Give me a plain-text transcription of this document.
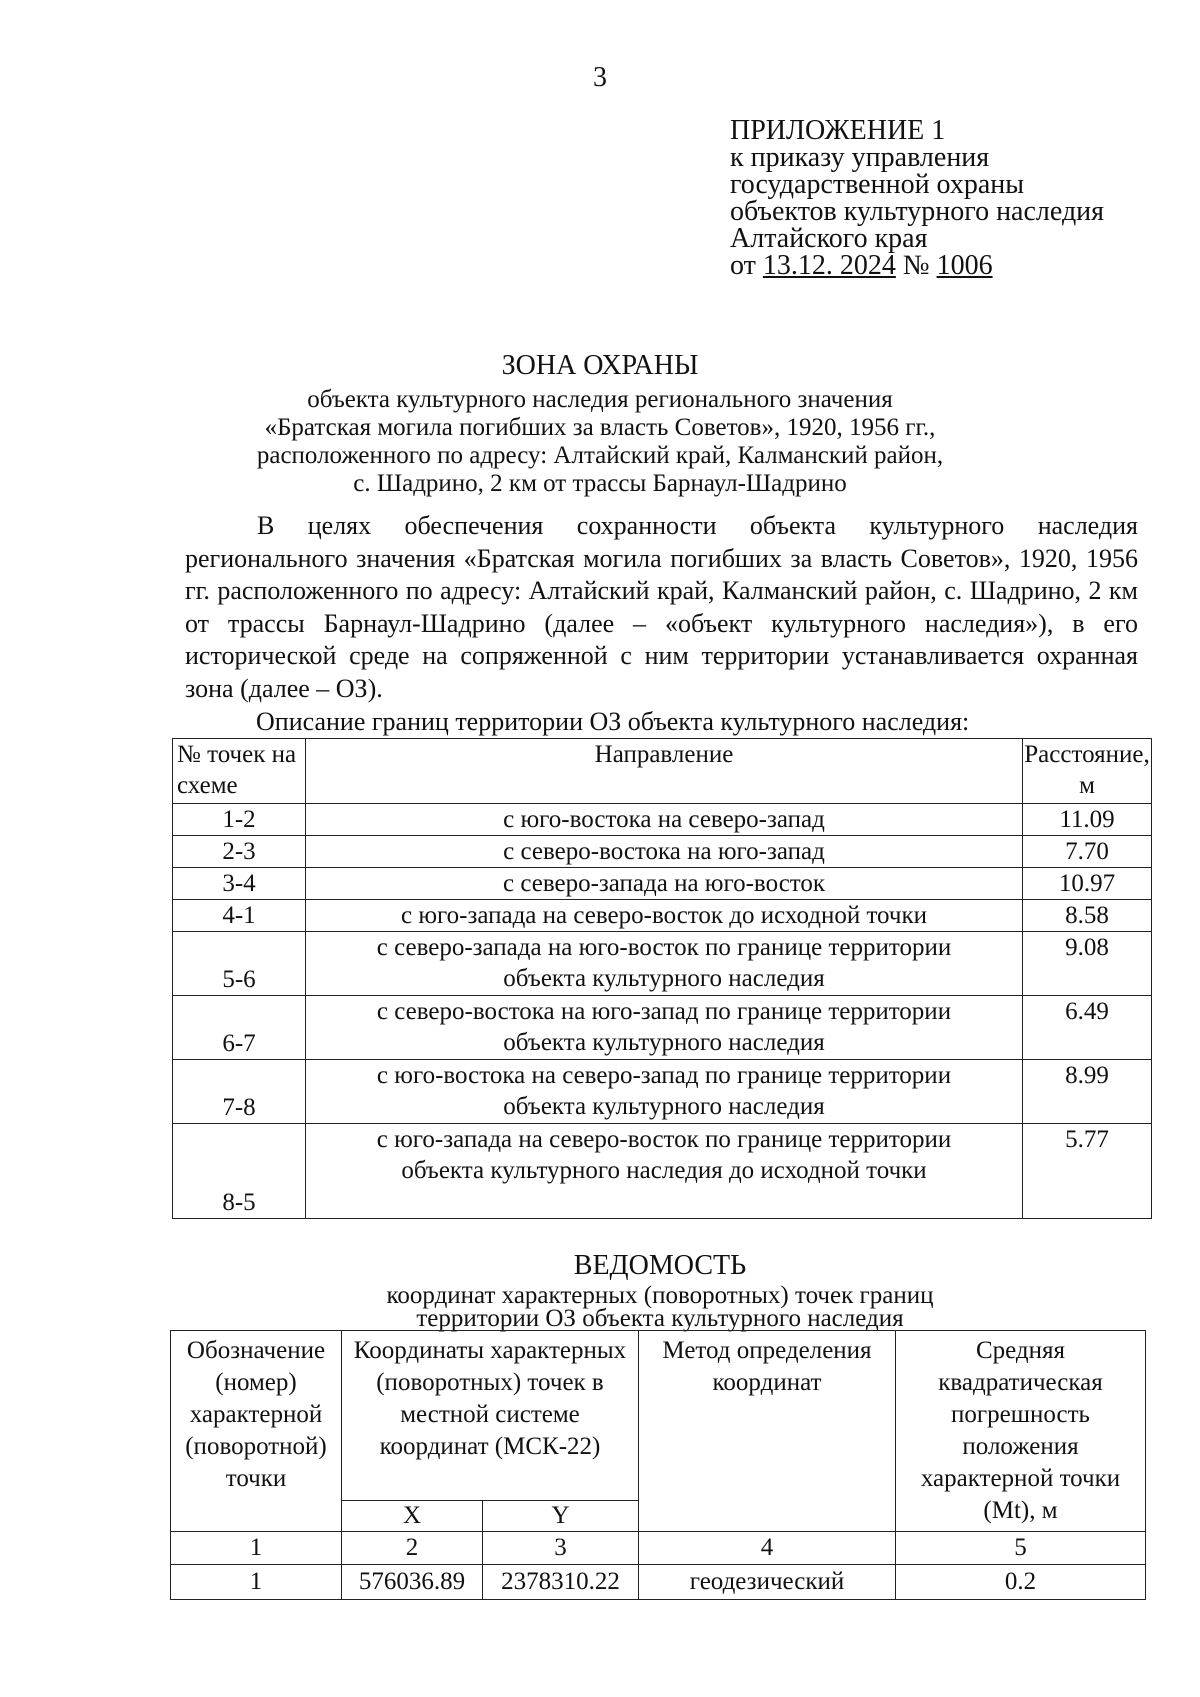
3
ПРИЛОЖЕНИЕ 1
к приказу управления
государственной охраны
объектов культурного наследия
Алтайского края
от 13.12. 2024 № 1006
ЗОНА ОХРАНЫ
объекта культурного наследия регионального значения
«Братская могила погибших за власть Советов», 1920, 1956 гг.,
расположенного по адресу: Алтайский край, Калманский район,
с. Шадрино, 2 км от трассы Барнаул-Шадрино
В целях обеспечения сохранности объекта культурного наследия регионального значения «Братская могила погибших за власть Советов», 1920, 1956 гг. расположенного по адресу: Алтайский край, Калманский район, с. Шадрино, 2 км от трассы Барнаул-Шадрино (далее – «объект культурного наследия»), в его исторической среде на сопряженной с ним территории устанавливается охранная зона (далее – ОЗ).
Описание границ территории ОЗ объекта культурного наследия:
№ точек на схеме	Направление	Расстояние, м
1-2	с юго-востока на северо-запад	11.09
2-3	с северо-востока на юго-запад	7.70
3-4	с северо-запада на юго-восток	10.97
4-1	с юго-запада на северо-восток до исходной точки	8.58
5-6	с северо-запада на юго-восток по границе территории объекта культурного наследия	9.08
6-7	с северо-востока на юго-запад по границе территории объекта культурного наследия	6.49
7-8	с юго-востока на северо-запад по границе территории объекта культурного наследия	8.99
8-5	с юго-запада на северо-восток по границе территории объекта культурного наследия до исходной точки	5.77
ВЕДОМОСТЬ
координат характерных (поворотных) точек границ
территории ОЗ объекта культурного наследия
Обозначение (номер) характерной (поворотной) точки	Координаты характерных (поворотных) точек в местной системе координат (МСК-22)		Метод определения координат	Средняя квадратическая погрешность положения характерной точки (Mt), м
	X	Y		
1	2	3	4	5
1	576036.89	2378310.22	геодезический	0.2
